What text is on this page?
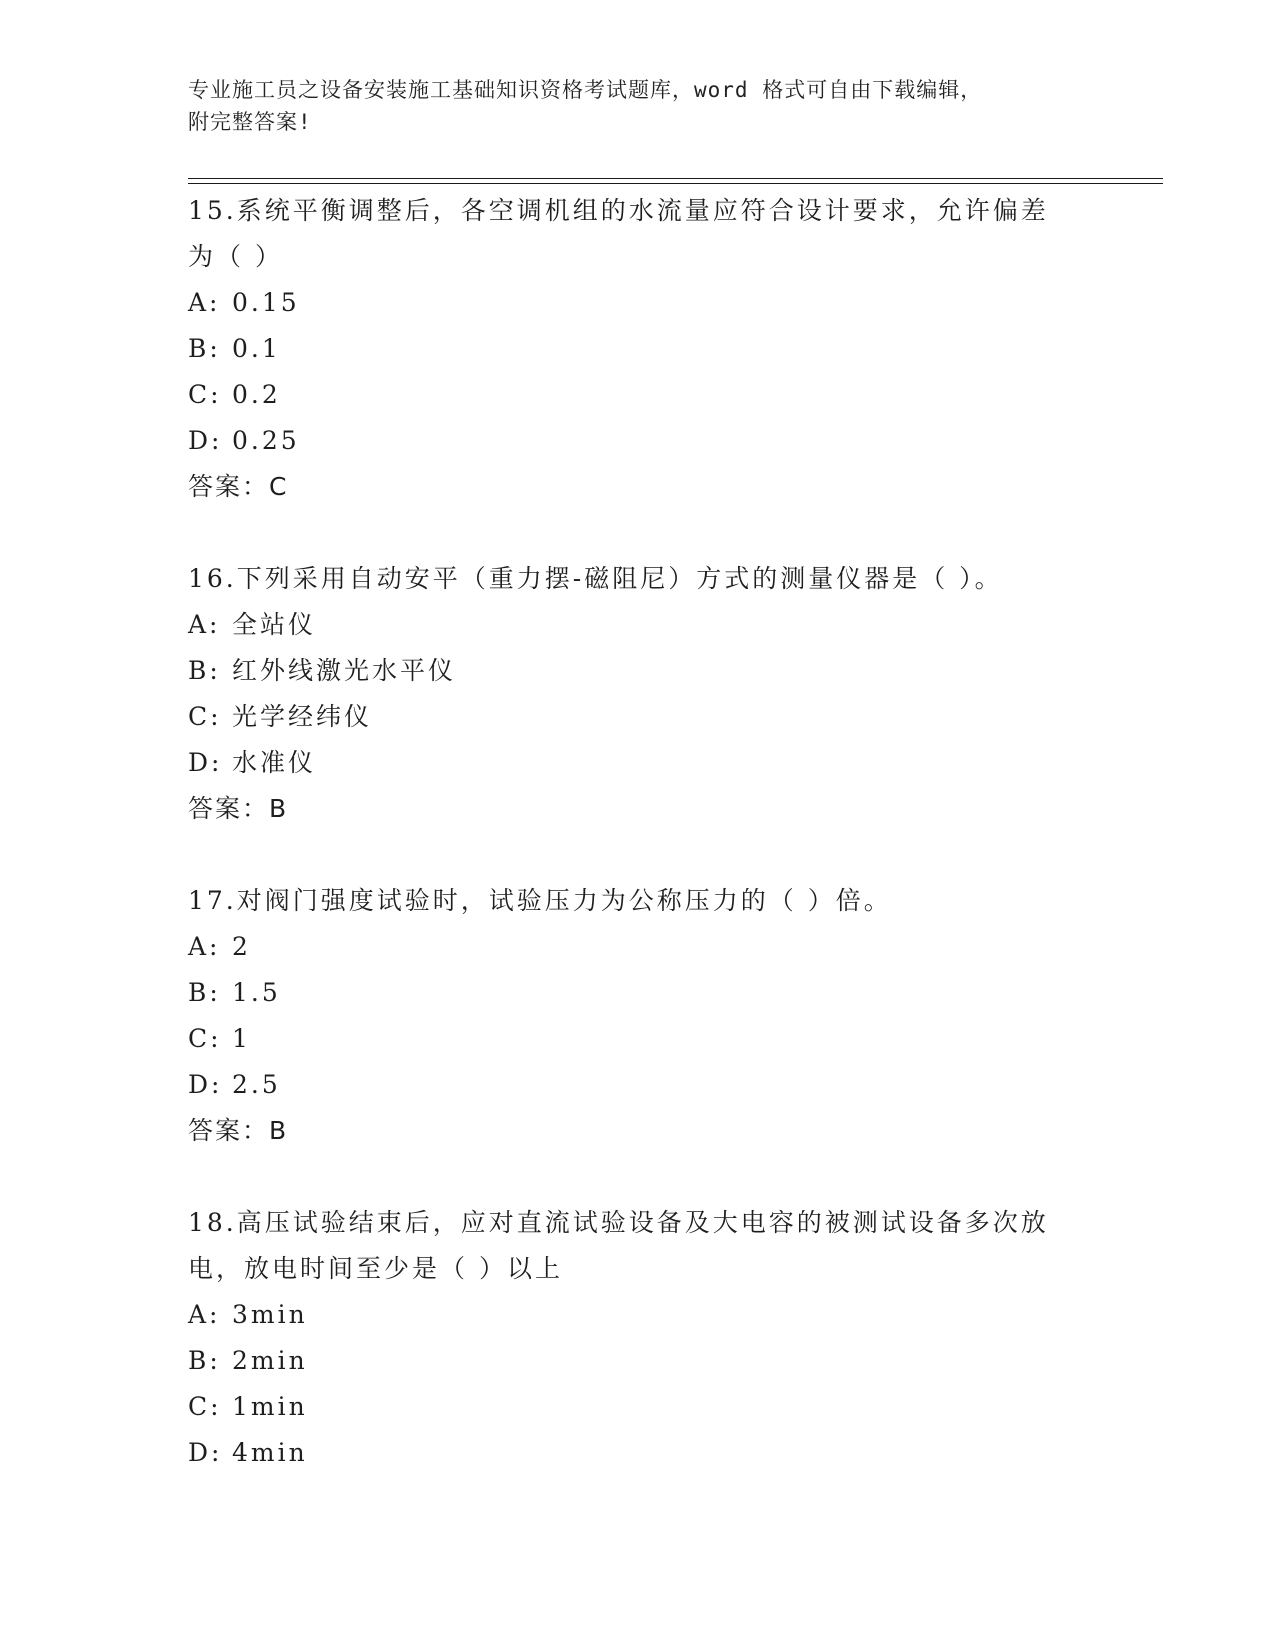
专业施工员之设备安装施工基础知识资格考试题库，word 格式可自由下载编辑，
附完整答案!
15.系统平衡调整后，各空调机组的水流量应符合设计要求，允许偏差
为（ ）
A: 0.15
B: 0.1
C: 0.2
D: 0.25
答案：C
16.下列采用自动安平（重力摆-磁阻尼）方式的测量仪器是（ ）。
A: 全站仪
B: 红外线激光水平仪
C: 光学经纬仪
D: 水准仪
答案：B
17.对阀门强度试验时，试验压力为公称压力的（ ）倍。
A: 2
B: 1.5
C: 1
D: 2.5
答案：B
18.高压试验结束后，应对直流试验设备及大电容的被测试设备多次放
电，放电时间至少是（ ）以上
A: 3min
B: 2min
C: 1min
D: 4min
